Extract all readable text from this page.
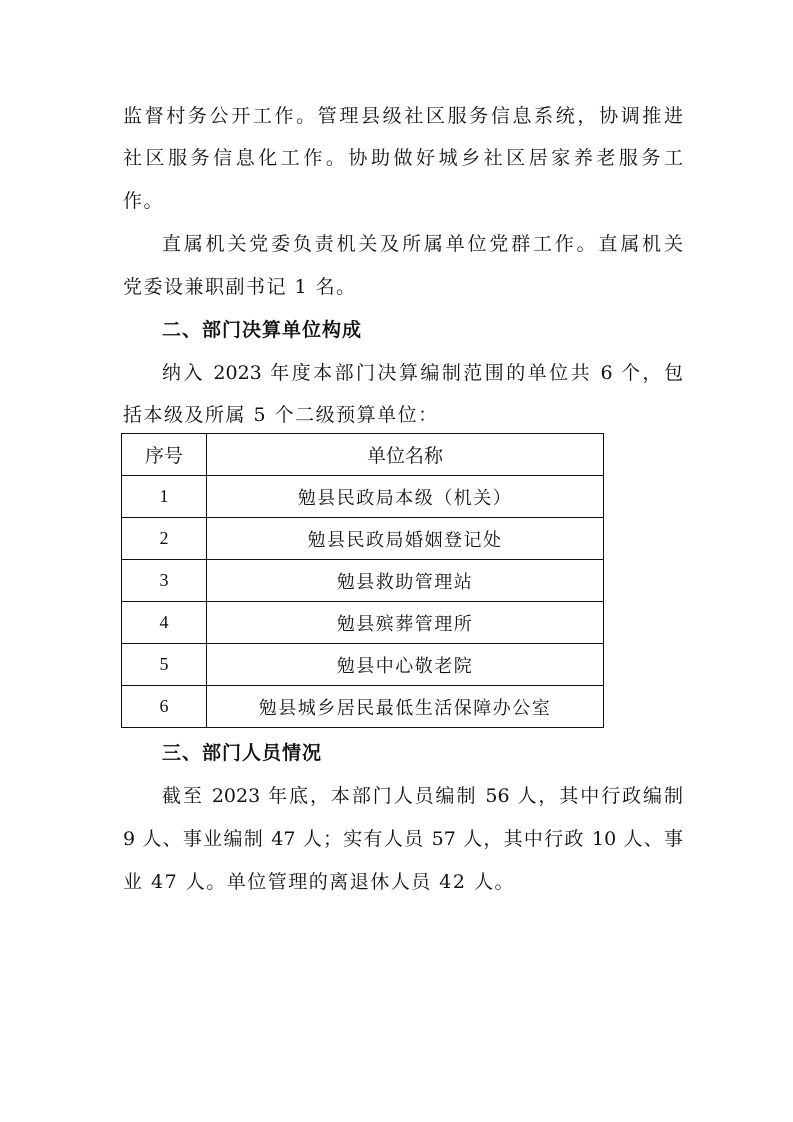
监督村务公开工作。管理县级社区服务信息系统，协调推进
社区服务信息化工作。协助做好城乡社区居家养老服务工
作。
直属机关党委负责机关及所属单位党群工作。直属机关
党委设兼职副书记 1 名。
二、部门决算单位构成
纳入 2023 年度本部门决算编制范围的单位共 6 个，包
括本级及所属 5 个二级预算单位：
序号	单位名称
1	勉县民政局本级（机关）
2	勉县民政局婚姻登记处
3	勉县救助管理站
4	勉县殡葬管理所
5	勉县中心敬老院
6	勉县城乡居民最低生活保障办公室
三、部门人员情况
截至 2023 年底，本部门人员编制 56 人，其中行政编制
9 人、事业编制 47 人；实有人员 57 人，其中行政 10 人、事
业 47 人。单位管理的离退休人员 42 人。
